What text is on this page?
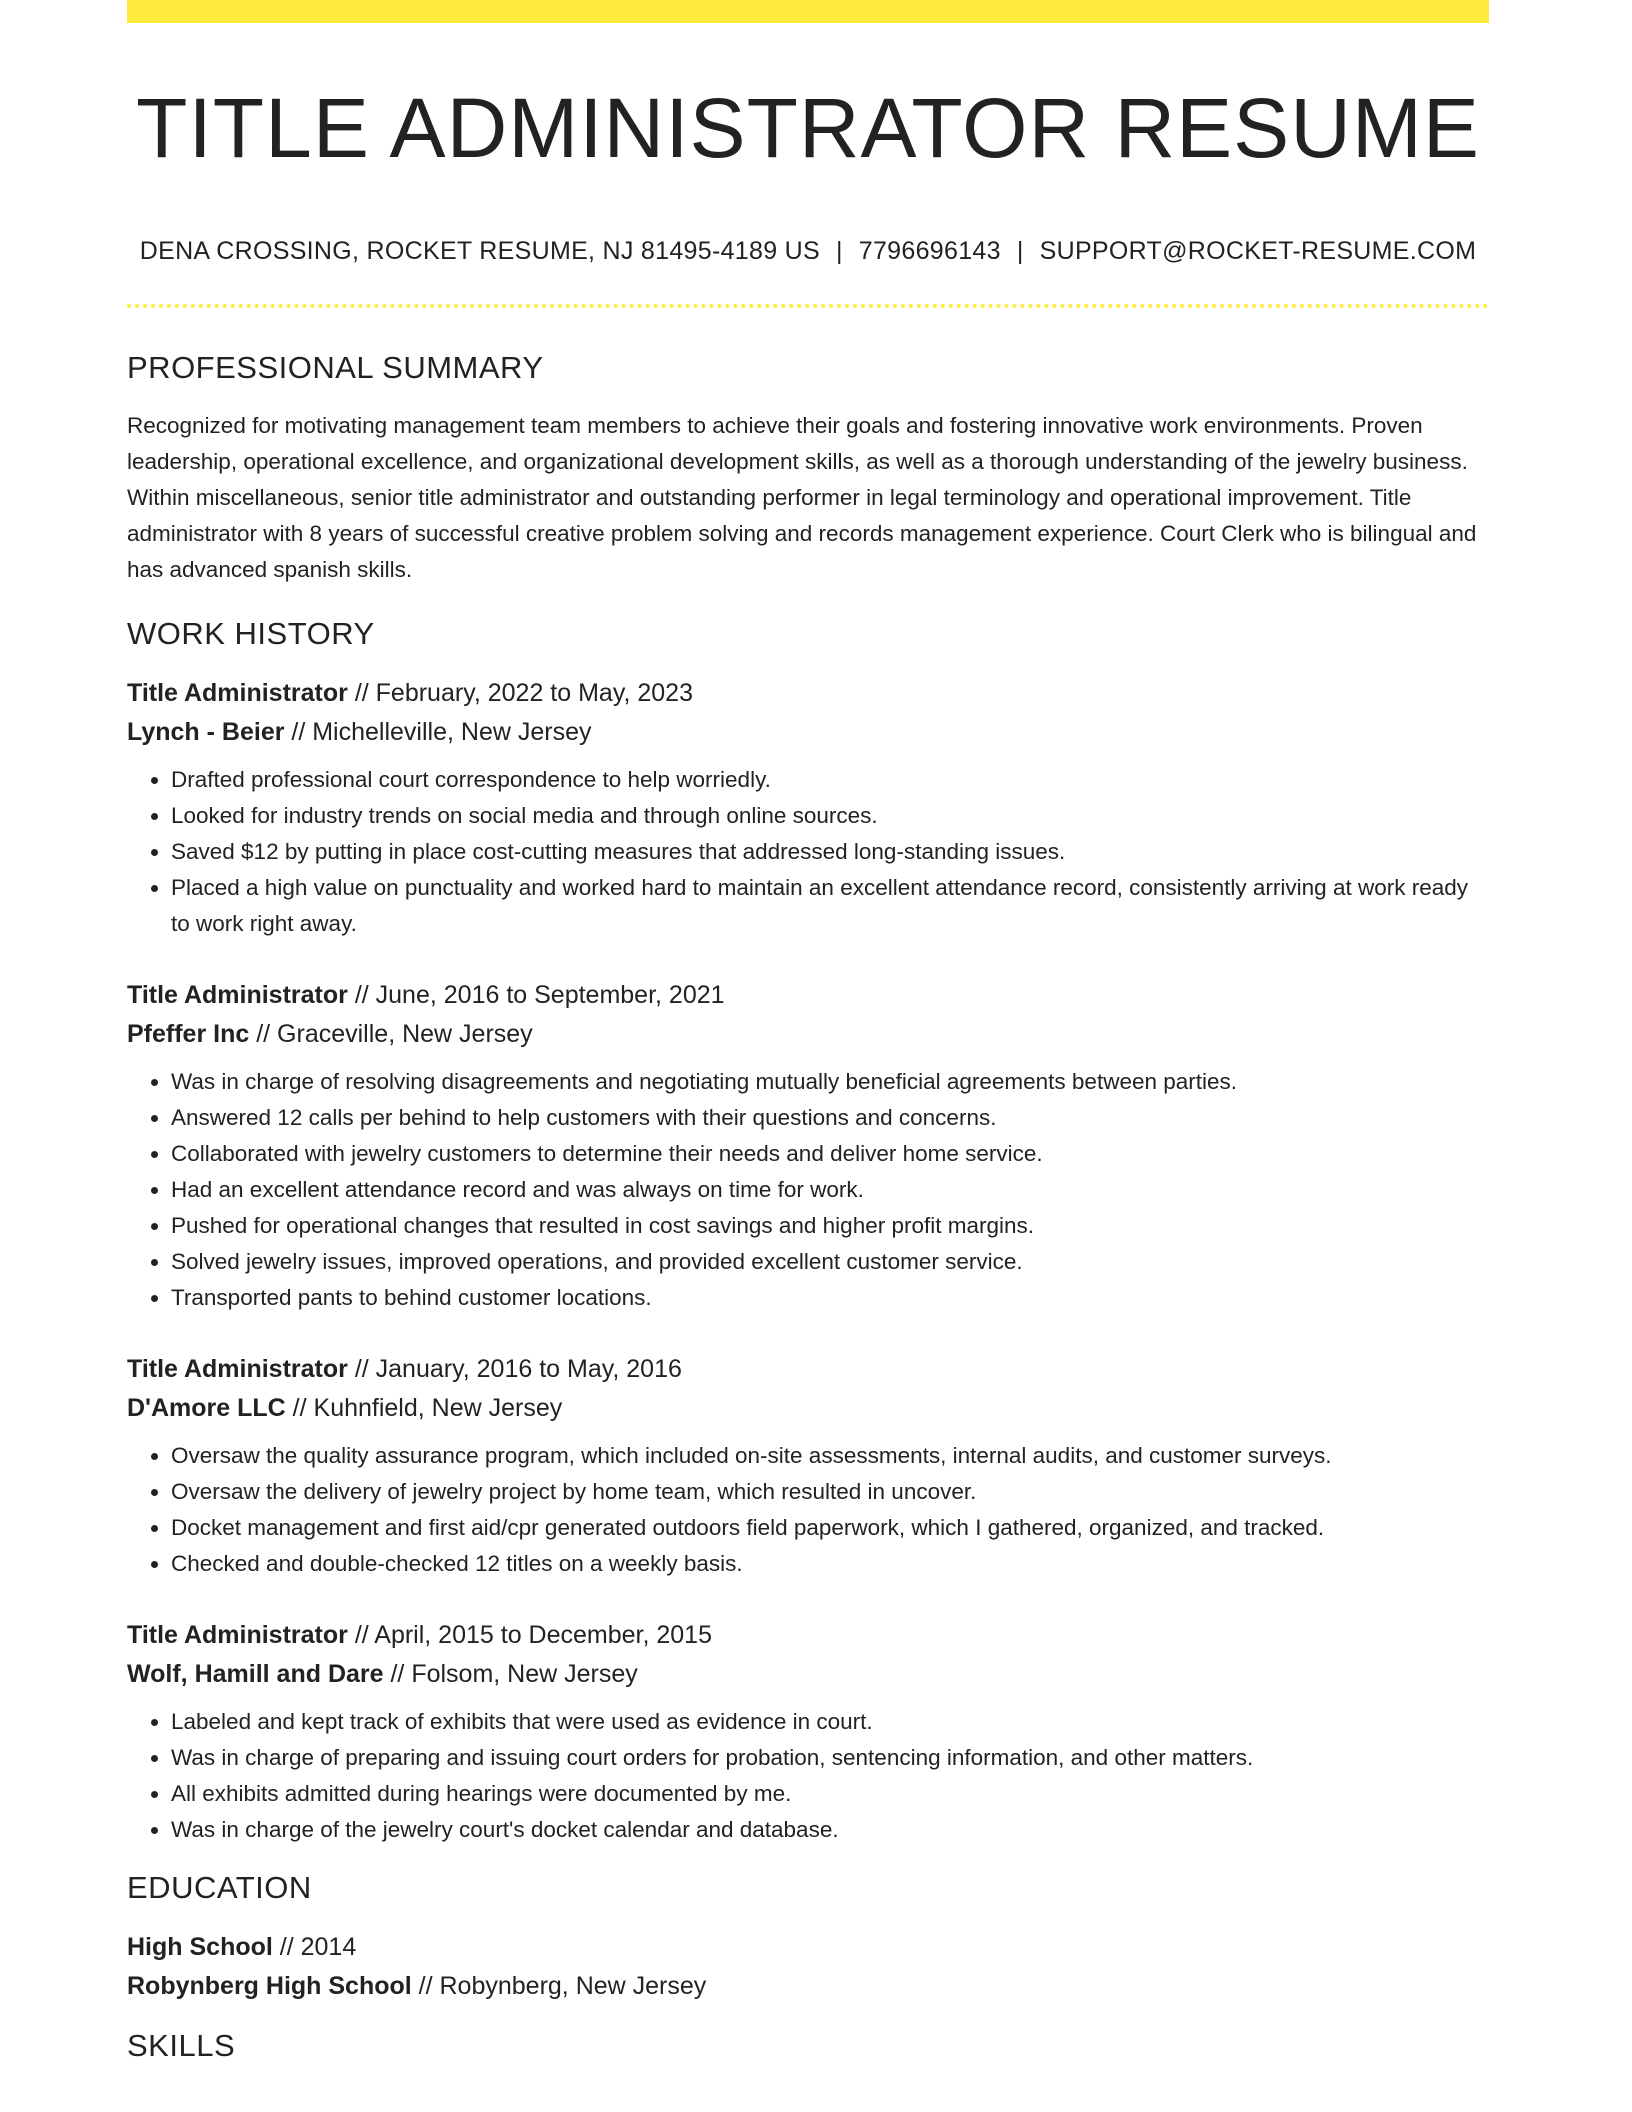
TITLE ADMINISTRATOR RESUME
DENA CROSSING, ROCKET RESUME, NJ 81495-4189 US | 7796696143 | SUPPORT@ROCKET-RESUME.COM
PROFESSIONAL SUMMARY

Recognized for motivating management team members to achieve their goals and fostering innovative work environments. Proven leadership, operational excellence, and organizational development skills, as well as a thorough understanding of the jewelry business. Within miscellaneous, senior title administrator and outstanding performer in legal terminology and operational improvement. Title administrator with 8 years of successful creative problem solving and records management experience. Court Clerk who is bilingual and has advanced spanish skills.

WORK HISTORY
Title Administrator // February, 2022 to May, 2023
Lynch - Beier // Michelleville, New Jersey
• Drafted professional court correspondence to help worriedly.
• Looked for industry trends on social media and through online sources.
• Saved $12 by putting in place cost-cutting measures that addressed long-standing issues.
• Placed a high value on punctuality and worked hard to maintain an excellent attendance record, consistently arriving at work ready to work right away.
Title Administrator // June, 2016 to September, 2021
Pfeffer Inc // Graceville, New Jersey
• Was in charge of resolving disagreements and negotiating mutually beneficial agreements between parties.
• Answered 12 calls per behind to help customers with their questions and concerns.
• Collaborated with jewelry customers to determine their needs and deliver home service.
• Had an excellent attendance record and was always on time for work.
• Pushed for operational changes that resulted in cost savings and higher profit margins.
• Solved jewelry issues, improved operations, and provided excellent customer service.
• Transported pants to behind customer locations.
Title Administrator // January, 2016 to May, 2016
D'Amore LLC // Kuhnfield, New Jersey
• Oversaw the quality assurance program, which included on-site assessments, internal audits, and customer surveys.
• Oversaw the delivery of jewelry project by home team, which resulted in uncover.
• Docket management and first aid/cpr generated outdoors field paperwork, which I gathered, organized, and tracked.
• Checked and double-checked 12 titles on a weekly basis.
Title Administrator // April, 2015 to December, 2015
Wolf, Hamill and Dare // Folsom, New Jersey
• Labeled and kept track of exhibits that were used as evidence in court.
• Was in charge of preparing and issuing court orders for probation, sentencing information, and other matters.
• All exhibits admitted during hearings were documented by me.
• Was in charge of the jewelry court's docket calendar and database.
EDUCATION
High School // 2014
Robynberg High School // Robynberg, New Jersey
SKILLS
